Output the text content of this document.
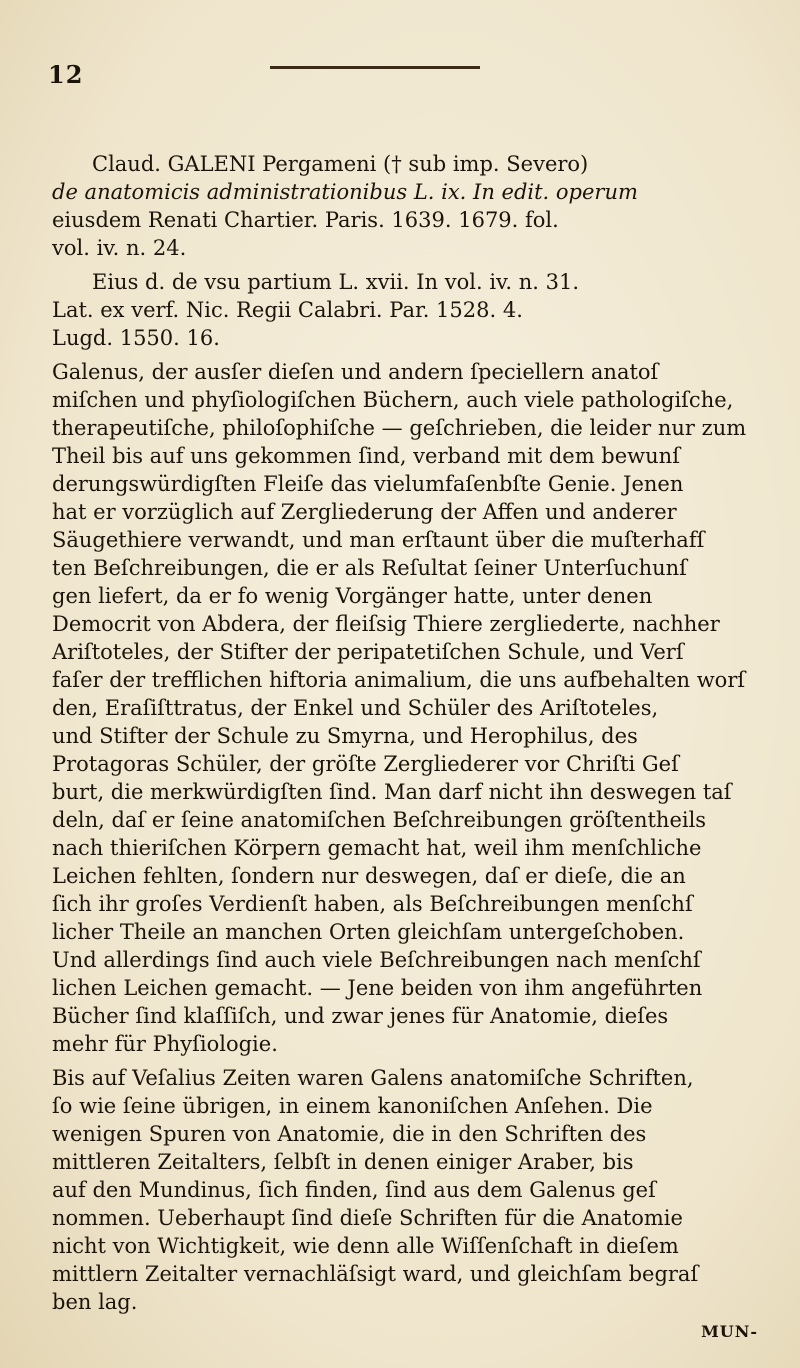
12

Claud. GALENI Pergameni († sub imp. Severo)
de anatomicis administrationibus L. ix. In edit. operum
eiusdem Renati Chartier. Paris. 1639. 1679. fol.
vol. iv. n. 24.

Eius d. de vsu partium L. xvii. In vol. iv. n. 31.
Lat. ex verf. Nic. Regii Calabri. Par. 1528. 4.
Lugd. 1550. 16.

Galenus, der ausſer dieſen und andern ſpeciellern anatoſ
miſchen und phyſiologiſchen Büchern, auch viele pathologiſche,
therapeutiſche, philoſophiſche — geſchrieben, die leider nur zum
Theil bis auf uns gekommen ſind, verband mit dem bewunſ
derungswürdigſten Fleiſe das vielumfaſenbſte Genie. Jenen
hat er vorzüglich auf Zergliederung der Affen und anderer
Säugethiere verwandt, und man erſtaunt über die muſterhafſ
ten Beſchreibungen, die er als Reſultat ſeiner Unterſuchunſ
gen liefert, da er fo wenig Vorgänger hatte, unter denen
Democrit von Abdera, der fleiſsig Thiere zergliederte, nachher
Ariſtoteles, der Stifter der peripatetiſchen Schule, und Verſ
faſer der trefflichen hiftoria animalium, die uns aufbehalten worſ
den, Eraſiſttratus, der Enkel und Schüler des Ariſtoteles,
und Stifter der Schule zu Smyrna, und Herophilus, des
Protagoras Schüler, der gröſte Zergliederer vor Chriſti Geſ
burt, die merkwürdigſten ſind. Man darf nicht ihn deswegen taſ
deln, daſ er ſeine anatomiſchen Beſchreibungen gröſtentheils
nach thieriſchen Körpern gemacht hat, weil ihm menſchliche
Leichen fehlten, ſondern nur deswegen, daſ er dieſe, die an
ſich ihr groſes Verdienſt haben, als Beſchreibungen menſchſ
licher Theile an manchen Orten gleichſam untergeſchoben.
Und allerdings ſind auch viele Beſchreibungen nach menſchſ
lichen Leichen gemacht. — Jene beiden von ihm angeführten
Bücher ſind klaſſiſch, und zwar jenes für Anatomie, dieſes
mehr für Phyſiologie.

Bis auf Veſalius Zeiten waren Galens anatomiſche Schriften,
ſo wie ſeine übrigen, in einem kanoniſchen Anſehen. Die
wenigen Spuren von Anatomie, die in den Schriften des
mittleren Zeitalters, ſelbſt in denen einiger Araber, bis
auf den Mundinus, ſich finden, ſind aus dem Galenus geſ
nommen. Ueberhaupt ſind dieſe Schriften für die Anatomie
nicht von Wichtigkeit, wie denn alle Wiſſenſchaft in dieſem
mittlern Zeitalter vernachläſsigt ward, und gleichſam begraſ
ben lag.

MUN-
